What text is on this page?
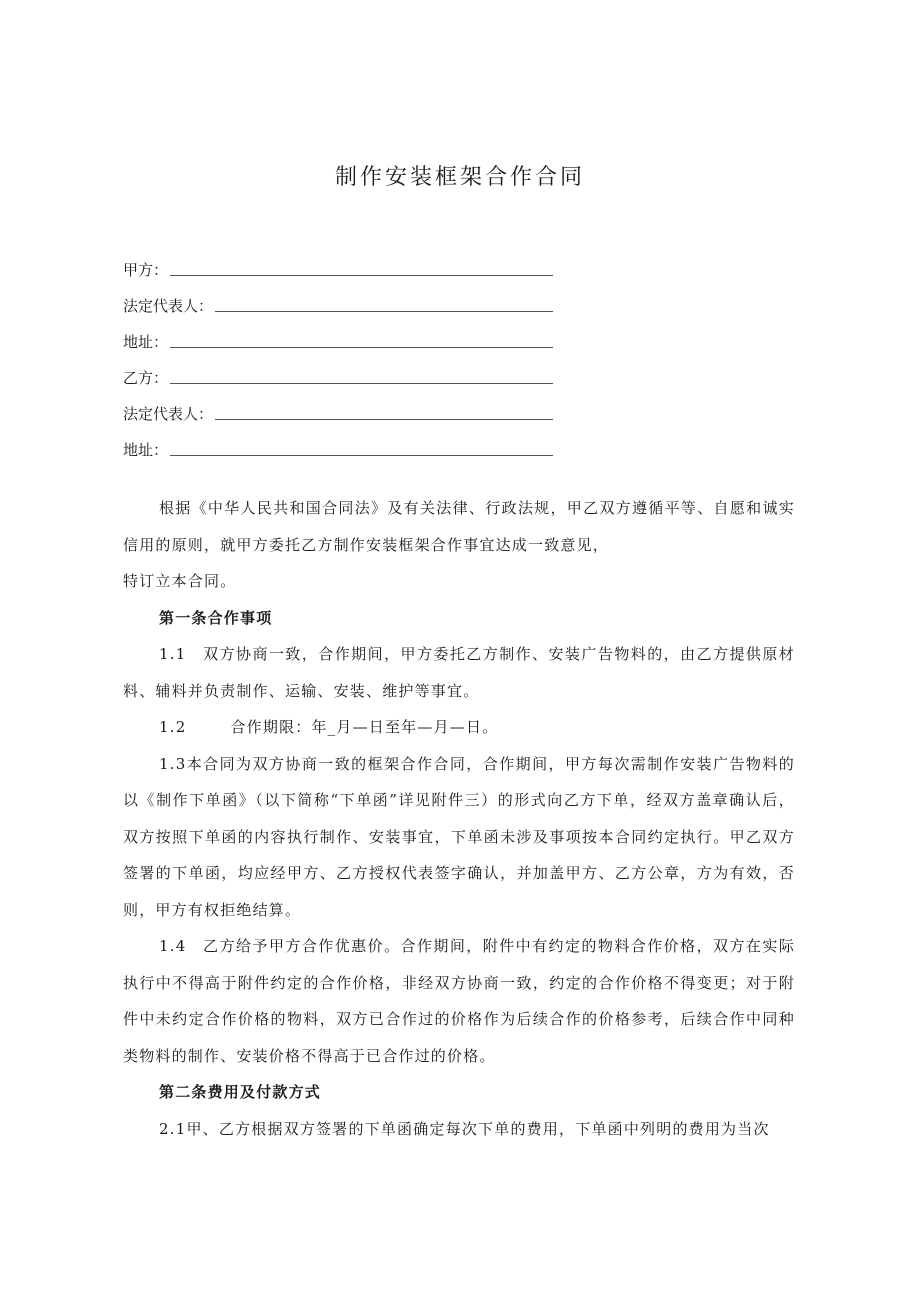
制作安装框架合作合同
甲方：
法定代表人：
地址：
乙方：
法定代表人：
地址：

根据《中华人民共和国合同法》及有关法律、行政法规，甲乙双方遵循平等、自愿和诚实信用的原则，就甲方委托乙方制作安装框架合作事宜达成一致意见，

特订立本合同。

第一条合作事项

1.1　双方协商一致，合作期间，甲方委托乙方制作、安装广告物料的，由乙方提供原材料、辅料并负责制作、运输、安装、维护等事宜。

1.2	合作期限：年_月—日至年—月—日。

1.3本合同为双方协商一致的框架合作合同，合作期间，甲方每次需制作安装广告物料的以《制作下单函》（以下简称“下单函”详见附件三）的形式向乙方下单，经双方盖章确认后，双方按照下单函的内容执行制作、安装事宜，下单函未涉及事项按本合同约定执行。甲乙双方签署的下单函，均应经甲方、乙方授权代表签字确认，并加盖甲方、乙方公章，方为有效，否则，甲方有权拒绝结算。

1.4　乙方给予甲方合作优惠价。合作期间，附件中有约定的物料合作价格，双方在实际执行中不得高于附件约定的合作价格，非经双方协商一致，约定的合作价格不得变更；对于附件中未约定合作价格的物料，双方已合作过的价格作为后续合作的价格参考，后续合作中同种类物料的制作、安装价格不得高于已合作过的价格。

第二条费用及付款方式

2.1甲、乙方根据双方签署的下单函确定每次下单的费用，下单函中列明的费用为当次
